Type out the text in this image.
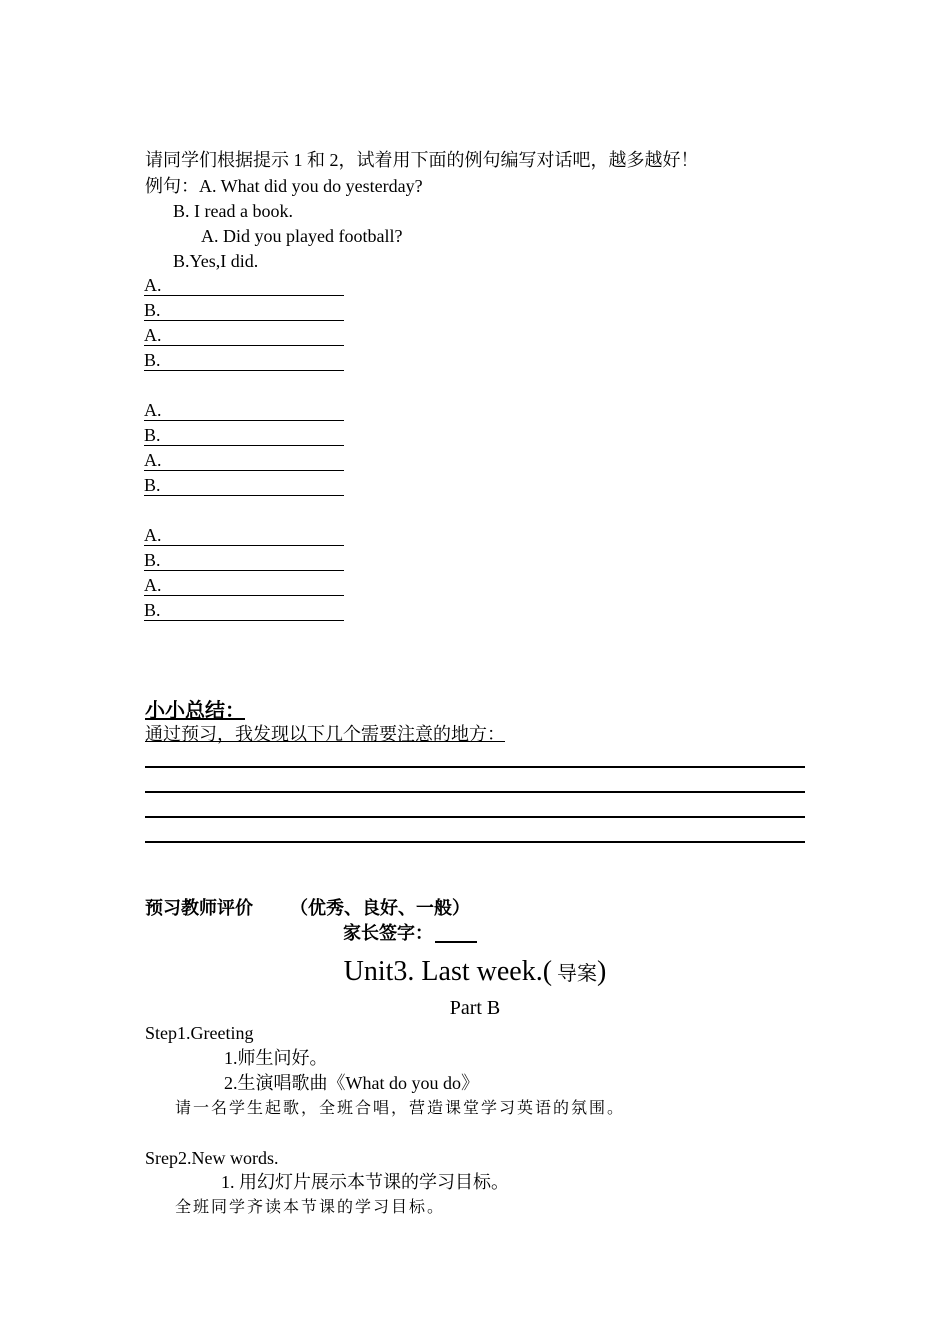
请同学们根据提示 1 和 2，试着用下面的例句编写对话吧，越多越好！
例句：A. What did you do yesterday?
B. I read a book.
A. Did you played football?
B.Yes,I did.
A.
B.
A.
B.
A.
B.
A.
B.
A.
B.
A.
B.
小小总结：
通过预习，我发现以下几个需要注意的地方：
预习教师评价 （优秀、良好、一般）
家长签字：
Unit3. Last week.( 导案)
Part B
Step1.Greeting
1.师生问好。
2.生演唱歌曲《What do you do》
请一名学生起歌，全班合唱，营造课堂学习英语的氛围。
Srep2.New words.
1. 用幻灯片展示本节课的学习目标。
全班同学齐读本节课的学习目标。
